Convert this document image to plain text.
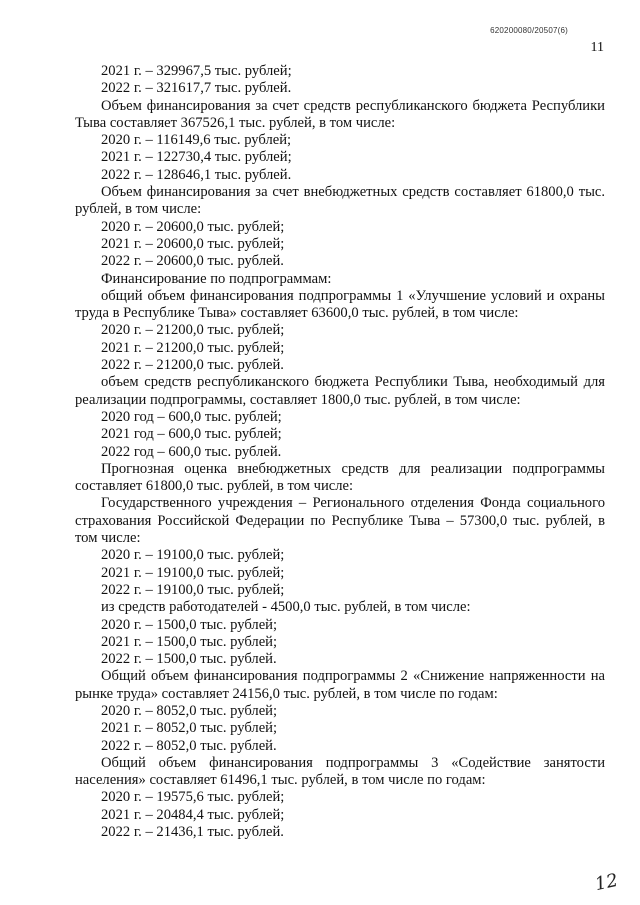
620200080/20507(6)
11

2021 г. – 329967,5 тыс. рублей;

2022 г. – 321617,7 тыс. рублей.

Объем финансирования за счет средств республиканского бюджета Республики Тыва составляет 367526,1 тыс. рублей, в том числе:

2020 г. – 116149,6 тыс. рублей;

2021 г. – 122730,4 тыс. рублей;

2022 г. – 128646,1 тыс. рублей.

Объем финансирования за счет внебюджетных средств составляет 61800,0 тыс. рублей, в том числе:

2020 г. – 20600,0 тыс. рублей;

2021 г. – 20600,0 тыс. рублей;

2022 г. – 20600,0 тыс. рублей.

Финансирование по подпрограммам:

общий объем финансирования подпрограммы 1 «Улучшение условий и охраны труда в Республике Тыва» составляет 63600,0 тыс. рублей, в том числе:

2020 г. – 21200,0 тыс. рублей;

2021 г. – 21200,0 тыс. рублей;

2022 г. – 21200,0 тыс. рублей.

объем средств республиканского бюджета Республики Тыва, необходимый для реализации подпрограммы, составляет 1800,0 тыс. рублей, в том числе:

2020 год – 600,0 тыс. рублей;

2021 год – 600,0 тыс. рублей;

2022 год – 600,0 тыс. рублей.

Прогнозная оценка внебюджетных средств для реализации подпрограммы составляет 61800,0 тыс. рублей, в том числе:

Государственного учреждения – Регионального отделения Фонда социального страхования Российской Федерации по Республике Тыва – 57300,0 тыс. рублей, в том числе:

2020 г. – 19100,0 тыс. рублей;

2021 г. – 19100,0 тыс. рублей;

2022 г. – 19100,0 тыс. рублей;

из средств работодателей - 4500,0 тыс. рублей, в том числе:

2020 г. – 1500,0 тыс. рублей;

2021 г. – 1500,0 тыс. рублей;

2022 г. – 1500,0 тыс. рублей.

Общий объем финансирования подпрограммы 2 «Снижение напряженности на рынке труда» составляет 24156,0 тыс. рублей, в том числе по годам:

2020 г. – 8052,0 тыс. рублей;

2021 г. – 8052,0 тыс. рублей;

2022 г. – 8052,0 тыс. рублей.

Общий объем финансирования подпрограммы 3 «Содействие занятости населения» составляет 61496,1 тыс. рублей, в том числе по годам:

2020 г. – 19575,6 тыс. рублей;

2021 г. – 20484,4 тыс. рублей;

2022 г. – 21436,1 тыс. рублей.

12
